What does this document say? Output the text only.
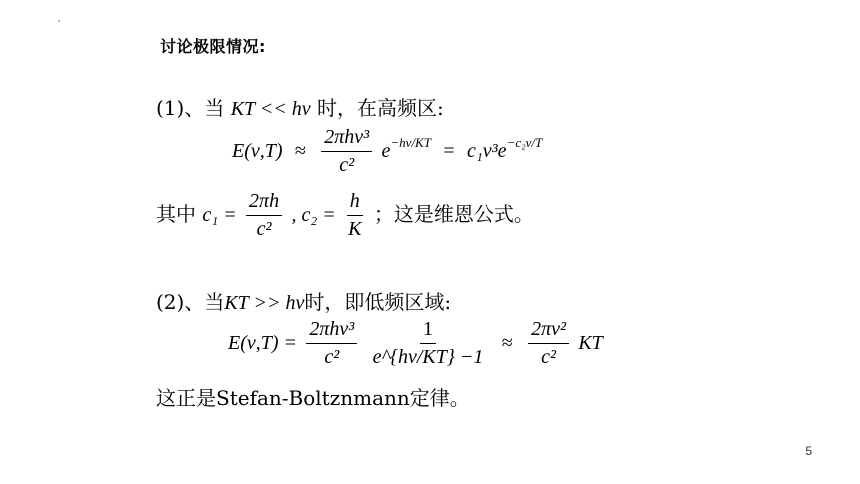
讨论极限情况:
(1)、当 KT << hν 时，在高频区:
$E(\nu,T) \approx \frac{\text{2πhν³}}{\text{c²}} e^{-h\nu/KT} = c_1\nu^3e^{-c_2\nu/T}$
其中 $c_1 = \frac{2\pi h}{\text{c²}}$ , $c_2 = \frac{h}{K}$ ；这是维恩公式。
(2)、当KT >> hν时，即低频区域:
$E(\nu,T) = \frac{\text{2πhν³}}{\text{c²}}$
$\frac{1}{e\^{}\{h\nu/KT\} -1} \approx \frac{\text{2πν²}}{\text{c²}}$ KT
这正是Stefan-Boltznmann定律。
5
